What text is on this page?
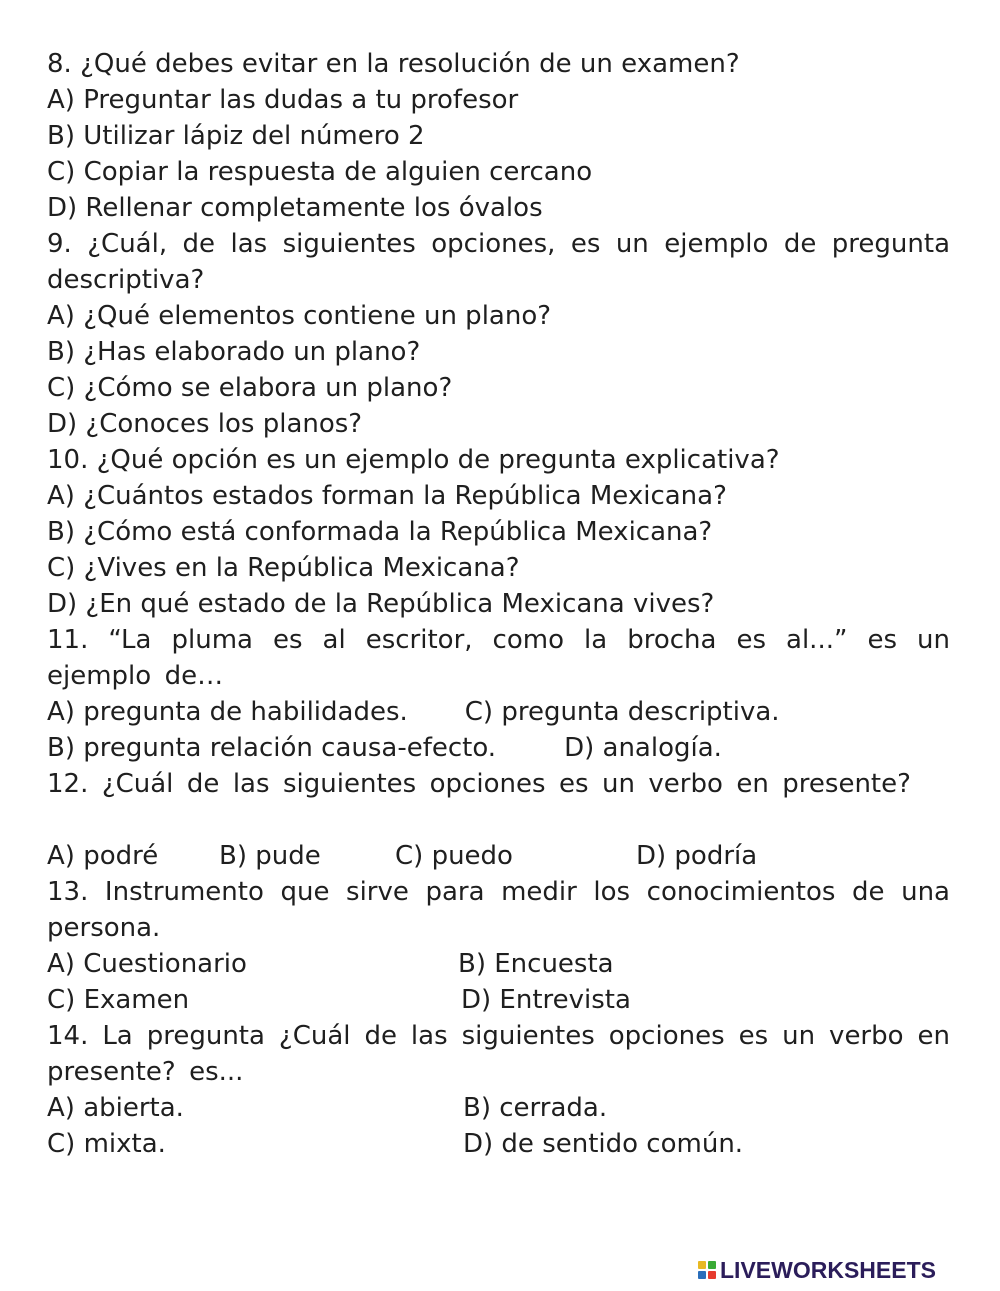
8. ¿Qué debes evitar en la resolución de un examen?
A) Preguntar las dudas a tu profesor
B) Utilizar lápiz del número 2
C) Copiar la respuesta de alguien cercano
D) Rellenar completamente los óvalos
9. ¿Cuál, de las siguientes opciones, es un ejemplo de pregunta descriptiva?
A) ¿Qué elementos contiene un plano?
B) ¿Has elaborado un plano?
C) ¿Cómo se elabora un plano?
D) ¿Conoces los planos?
10. ¿Qué opción es un ejemplo de pregunta explicativa?
A) ¿Cuántos estados forman la República Mexicana?
B) ¿Cómo está conformada la República Mexicana?
C) ¿Vives en la República Mexicana?
D) ¿En qué estado de la República Mexicana vives?
11. “La pluma es al escritor, como la brocha es al...” es un ejemplo de…
A) pregunta de habilidades. C) pregunta descriptiva.
B) pregunta relación causa-efecto.	D) analogía.
12. ¿Cuál de las siguientes opciones es un verbo en presente?
A) podré	B) pude	C) puedo	D) podría
13. Instrumento que sirve para medir los conocimientos de una persona.
A) Cuestionario	B) Encuesta
C) Examen	D) Entrevista
14. La pregunta ¿Cuál de las siguientes opciones es un verbo en presente? es...
A) abierta.	B) cerrada.
C) mixta.	D) de sentido común.
LIVEWORKSHEETS
